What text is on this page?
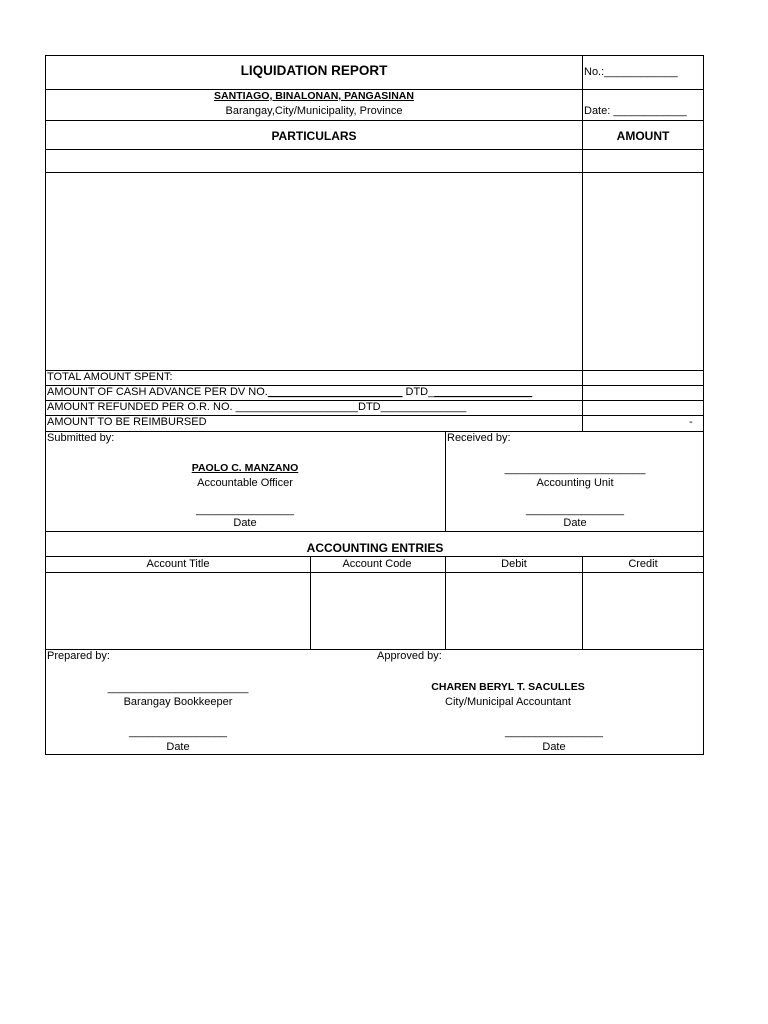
LIQUIDATION REPORT	No.:____________
SANTIAGO, BINALONAN, PANGASINAN
Barangay,City/Municipality, Province	Date: ____________
PARTICULARS	AMOUNT
TOTAL AMOUNT SPENT:
AMOUNT OF CASH ADVANCE PER DV NO.______________________ DTD_________________
AMOUNT REFUNDED PER O.R. NO. ____________________DTD______________
AMOUNT TO BE REIMBURSED	-
Submitted by:
PAOLO C. MANZANO
Accountable Officer
________________
Date
Received by:
_______________________
Accounting Unit
________________
Date
ACCOUNTING ENTRIES
Account Title	Account Code	Debit	Credit
Prepared by:
_______________________
Barangay Bookkeeper
________________
Date
Approved by:
CHAREN BERYL T. SACULLES
City/Municipal Accountant
________________
Date
